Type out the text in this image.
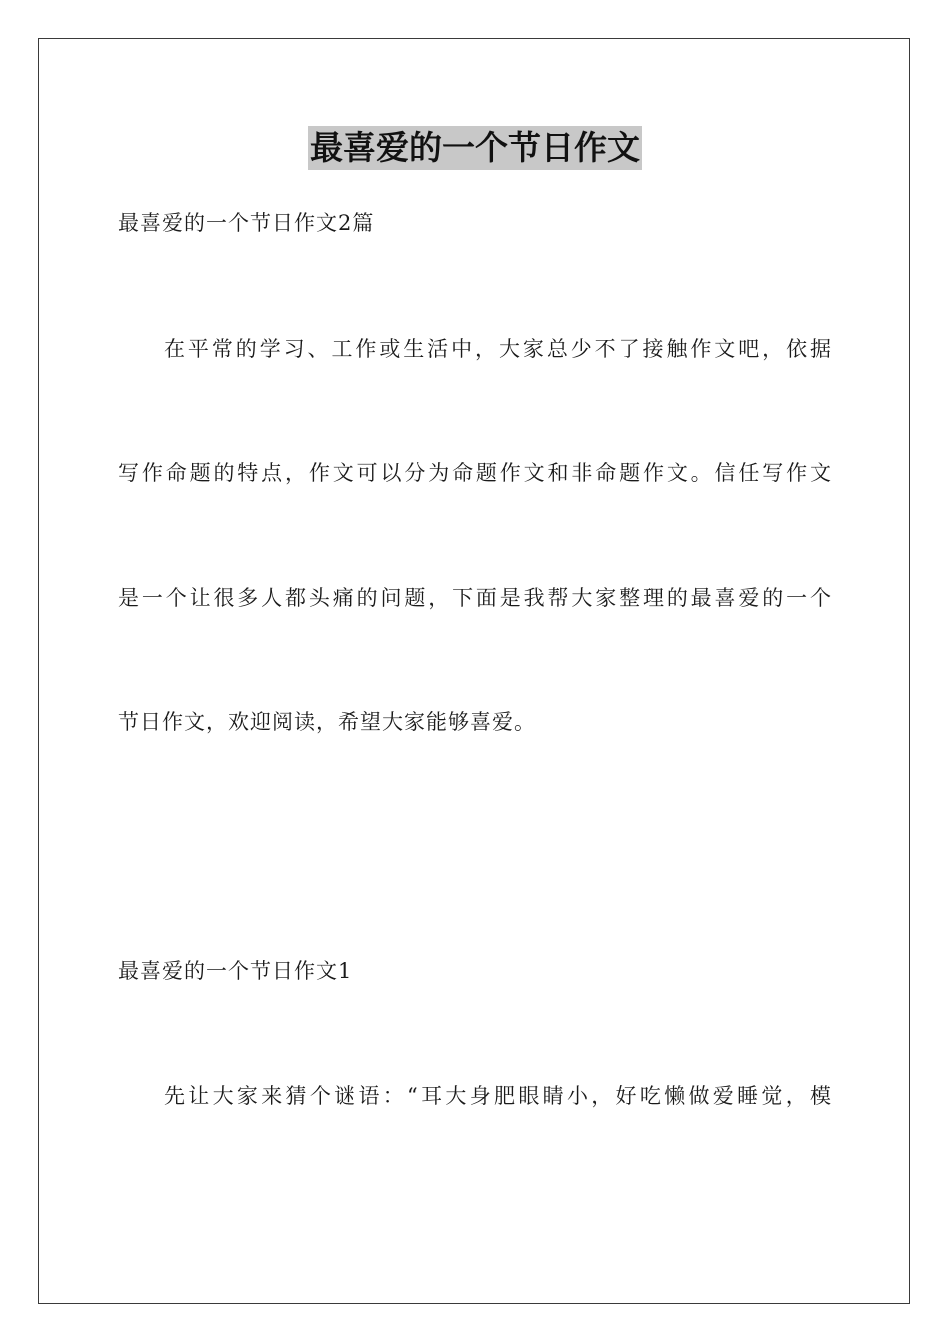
最喜爱的一个节日作文
最喜爱的一个节日作文2篇
在平常的学习、工作或生活中，大家总少不了接触作文吧，依据
写作命题的特点，作文可以分为命题作文和非命题作文。信任写作文
是一个让很多人都头痛的问题，下面是我帮大家整理的最喜爱的一个
节日作文，欢迎阅读，希望大家能够喜爱。
最喜爱的一个节日作文1
先让大家来猜个谜语：“耳大身肥眼睛小，好吃懒做爱睡觉，模
